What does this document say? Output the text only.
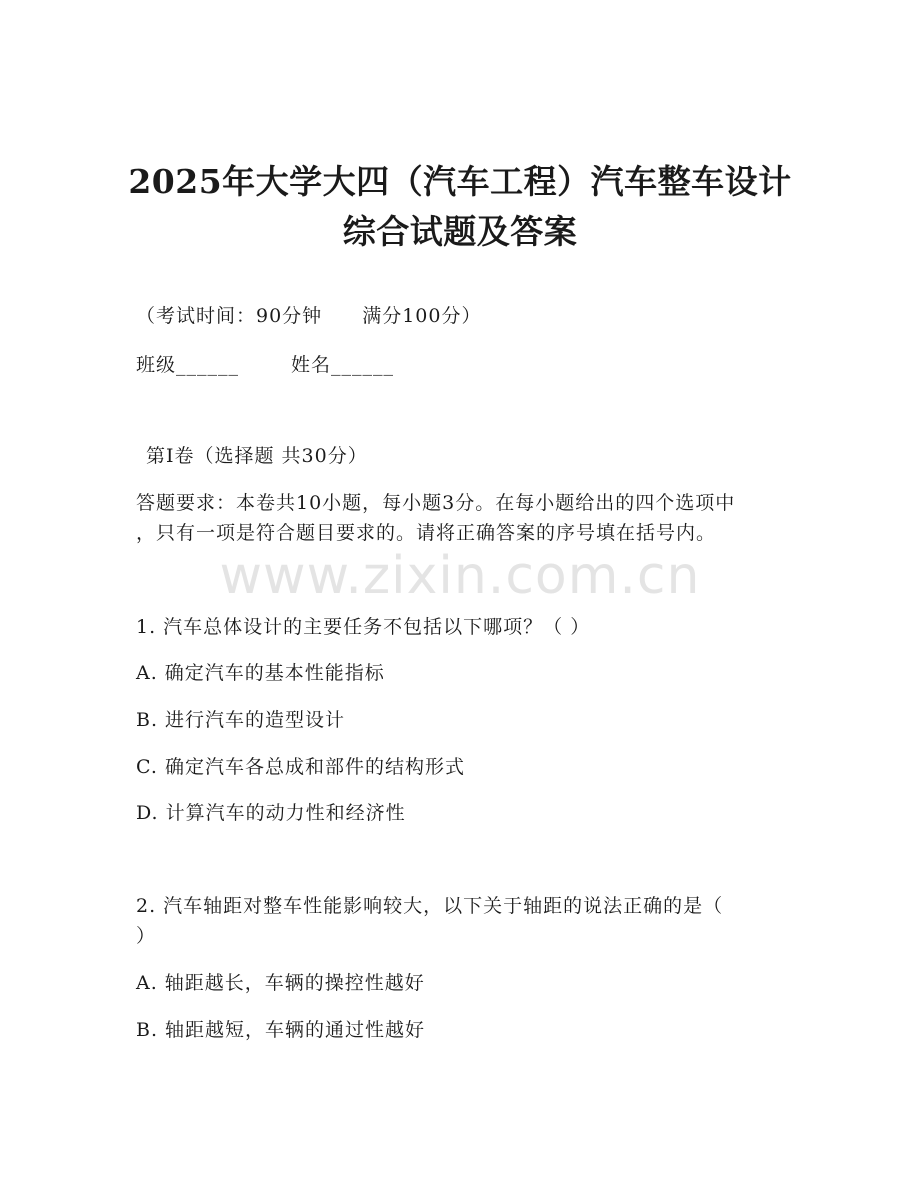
2025年大学大四（汽车工程）汽车整车设计
综合试题及答案
（考试时间：90分钟 满分100分）
班级______	姓名______
第I卷（选择题 共30分）
答题要求：本卷共10小题，每小题3分。在每小题给出的四个选项中
，只有一项是符合题目要求的。请将正确答案的序号填在括号内。
www.zixin.com.cn
1. 汽车总体设计的主要任务不包括以下哪项？（ ）
A. 确定汽车的基本性能指标
B. 进行汽车的造型设计
C. 确定汽车各总成和部件的结构形式
D. 计算汽车的动力性和经济性
2. 汽车轴距对整车性能影响较大，以下关于轴距的说法正确的是（
）
A. 轴距越长，车辆的操控性越好
B. 轴距越短，车辆的通过性越好
